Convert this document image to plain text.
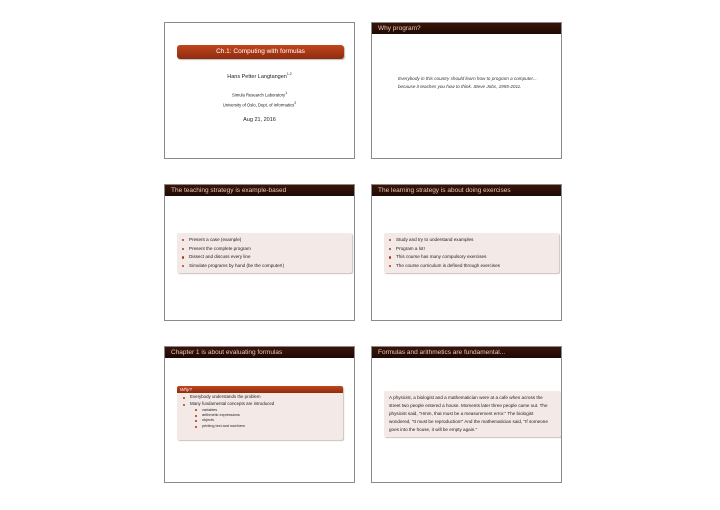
Ch.1: Computing with formulas
Hans Petter Langtangen$^{1,2}$
Simula Research Laboratory$^1$
University of Oslo, Dept. of Informatics$^2$
Aug 21, 2016
Why program?
Everybody in this country should learn how to program a computer... because it teaches you how to think. Steve Jobs, 1955-2011.
The teaching strategy is example-based
Present a case (example)
Present the complete program
Dissect and discuss every line
Simulate programs by hand (be the computer!)
The learning strategy is about doing exercises
Study and try to understand examples
Program a lot!
This course has many compulsory exercises
The course curriculum is defined through exercises
Chapter 1 is about evaluating formulas
Why?
Everybody understands the problem
Many fundamental concepts are introduced
variables
arithmetic expressions
objects
printing text and numbers
Formulas and arithmetics are fundamental...
A physicist, a biologist and a mathematician were at a cafe when across the street two people entered a house. Moments later three people came out. The physicist said, "Hmm, that must be a measurement error." The biologist wondered, "It must be reproduction!" And the mathematician said, "If someone goes into the house, it will be empty again."
